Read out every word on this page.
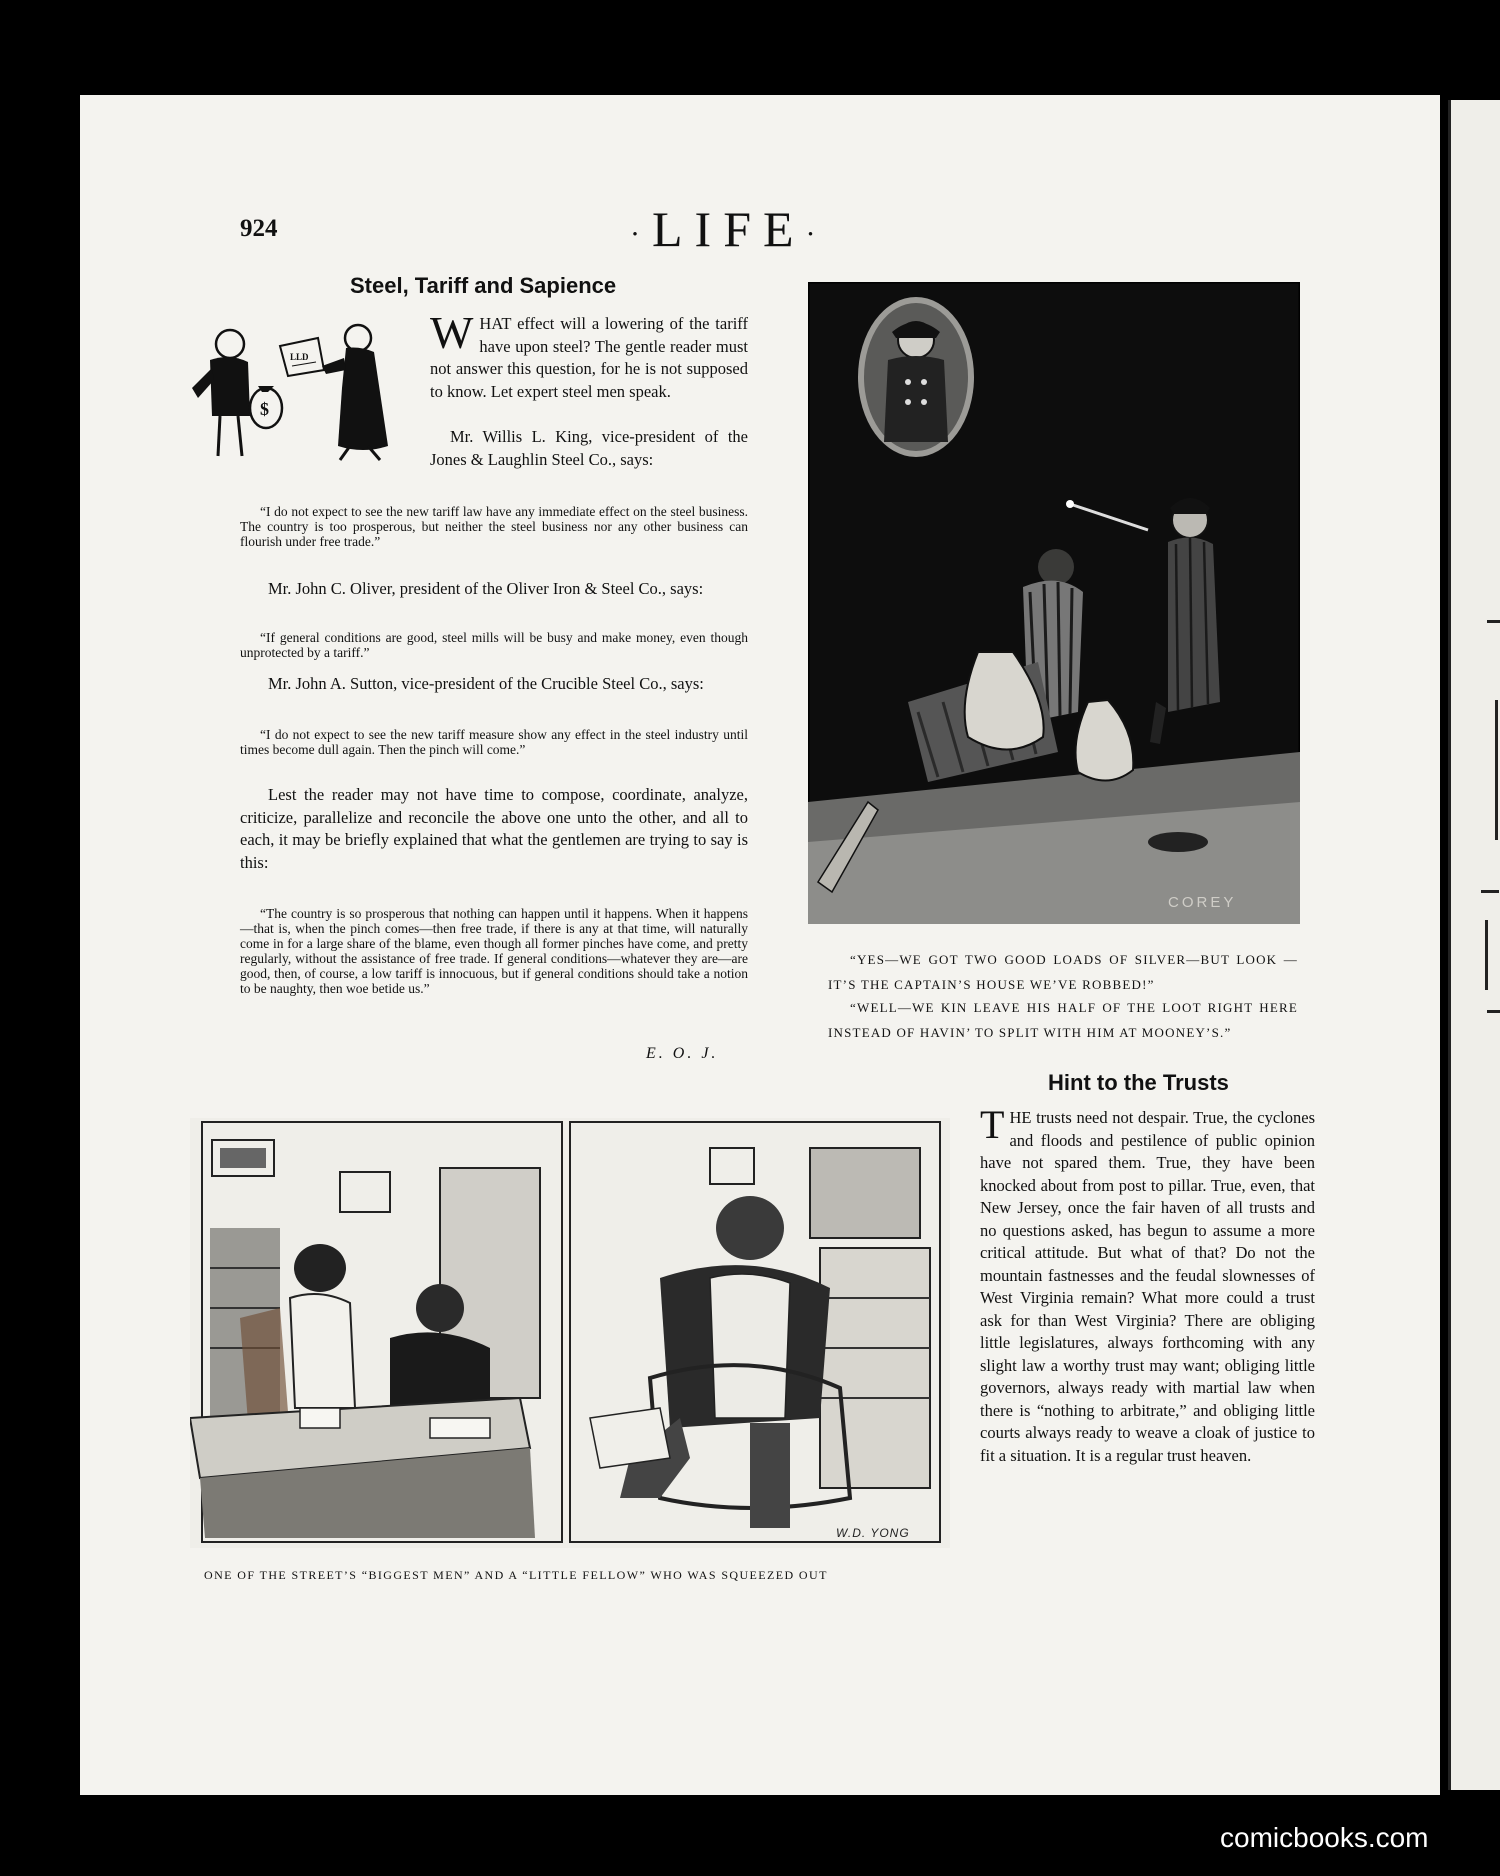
924	·LIFE·
Steel, Tariff and Sapience
$
LLD	WHAT effect will a lowering of the tariff have upon steel? The gentle reader must not answer this question, for he is not supposed to know. Let expert steel men speak.
Mr. Willis L. King, vice-president of the Jones & Laughlin Steel Co., says:
“I do not expect to see the new tariff law have any immediate effect on the steel business. The country is too prosperous, but neither the steel business nor any other business can flourish under free trade.”
Mr. John C. Oliver, president of the Oliver Iron & Steel Co., says:
“If general conditions are good, steel mills will be busy and make money, even though unprotected by a tariff.”
Mr. John A. Sutton, vice-president of the Crucible Steel Co., says:
“I do not expect to see the new tariff measure show any effect in the steel industry until times become dull again. Then the pinch will come.”
Lest the reader may not have time to compose, coordinate, analyze, criticize, parallelize and reconcile the above one unto the other, and all to each, it may be briefly explained that what the gentlemen are trying to say is this:
“The country is so prosperous that nothing can happen until it happens. When it happens—that is, when the pinch comes—then free trade, if there is any at that time, will naturally come in for a large share of the blame, even though all former pinches have come, and pretty regularly, without the assistance of free trade. If general conditions—whatever they are—are good, then, of course, a low tariff is innocuous, but if general conditions should take a notion to be naughty, then woe betide us.”
E. O. J.
COREY
“YES—WE GOT TWO GOOD LOADS OF SILVER—BUT LOOK —IT’S THE CAPTAIN’S HOUSE WE’VE ROBBED!”
“WELL—WE KIN LEAVE HIS HALF OF THE LOOT RIGHT HERE INSTEAD OF HAVIN’ TO SPLIT WITH HIM AT MOONEY’S.”
Hint to the Trusts
THE trusts need not despair. True, the cyclones and floods and pestilence of public opinion have not spared them. True, they have been knocked about from post to pillar. True, even, that New Jersey, once the fair haven of all trusts and no questions asked, has begun to assume a more critical attitude. But what of that? Do not the mountain fastnesses and the feudal slownesses of West Virginia remain? What more could a trust ask for than West Virginia? There are obliging little legislatures, always forthcoming with any slight law a worthy trust may want; obliging little governors, always ready with martial law when there is “nothing to arbitrate,” and obliging little courts always ready to weave a cloak of justice to fit a situation. It is a regular trust heaven.
W.D. YONG
ONE OF THE STREET’S “BIGGEST MEN” AND A “LITTLE FELLOW” WHO WAS SQUEEZED OUT
comicbooks.com
